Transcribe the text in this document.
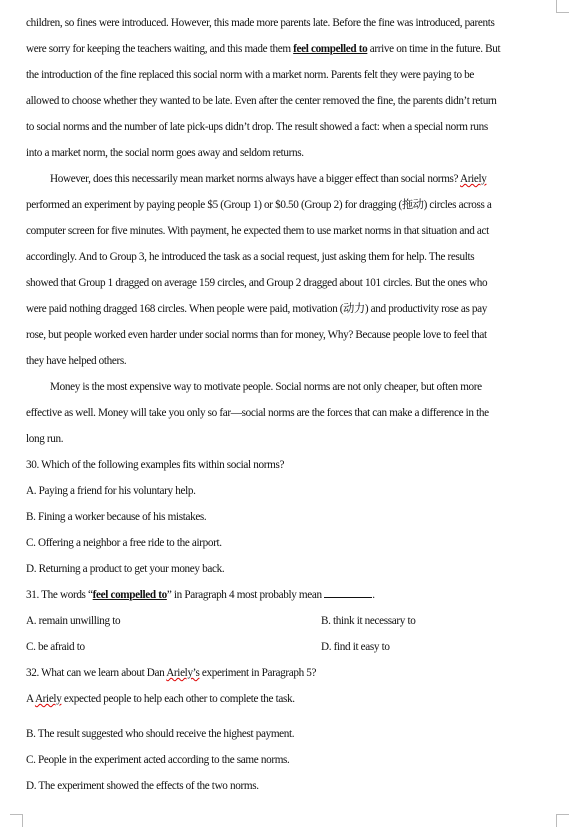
children, so fines were introduced. However, this made more parents late. Before the fine was introduced, parents
were sorry for keeping the teachers waiting, and this made them feel compelled to arrive on time in the future. But
the introduction of the fine replaced this social norm with a market norm. Parents felt they were paying to be
allowed to choose whether they wanted to be late. Even after the center removed the fine, the parents didn’t return
to social norms and the number of late pick-ups didn’t drop. The result showed a fact: when a special norm runs
into a market norm, the social norm goes away and seldom returns.
However, does this necessarily mean market norms always have a bigger effect than social norms? Ariely
performed an experiment by paying people $5 (Group 1) or $0.50 (Group 2) for dragging (拖动) circles across a
computer screen for five minutes. With payment, he expected them to use market norms in that situation and act
accordingly. And to Group 3, he introduced the task as a social request, just asking them for help. The results
showed that Group 1 dragged on average 159 circles, and Group 2 dragged about 101 circles. But the ones who
were paid nothing dragged 168 circles. When people were paid, motivation (动力) and productivity rose as pay
rose, but people worked even harder under social norms than for money, Why? Because people love to feel that
they have helped others.
Money is the most expensive way to motivate people. Social norms are not only cheaper, but often more
effective as well. Money will take you only so far—social norms are the forces that can make a difference in the
long run.
30. Which of the following examples fits within social norms?
A. Paying a friend for his voluntary help.
B. Fining a worker because of his mistakes.
C. Offering a neighbor a free ride to the airport.
D. Returning a product to get your money back.
31. The words “feel compelled to” in Paragraph 4 most probably mean	.
A. remain unwilling to	B. think it necessary to
C. be afraid to	D. find it easy to
32. What can we learn about Dan Ariely’s experiment in Paragraph 5?
A Ariely expected people to help each other to complete the task.
B. The result suggested who should receive the highest payment.
C. People in the experiment acted according to the same norms.
D. The experiment showed the effects of the two norms.
